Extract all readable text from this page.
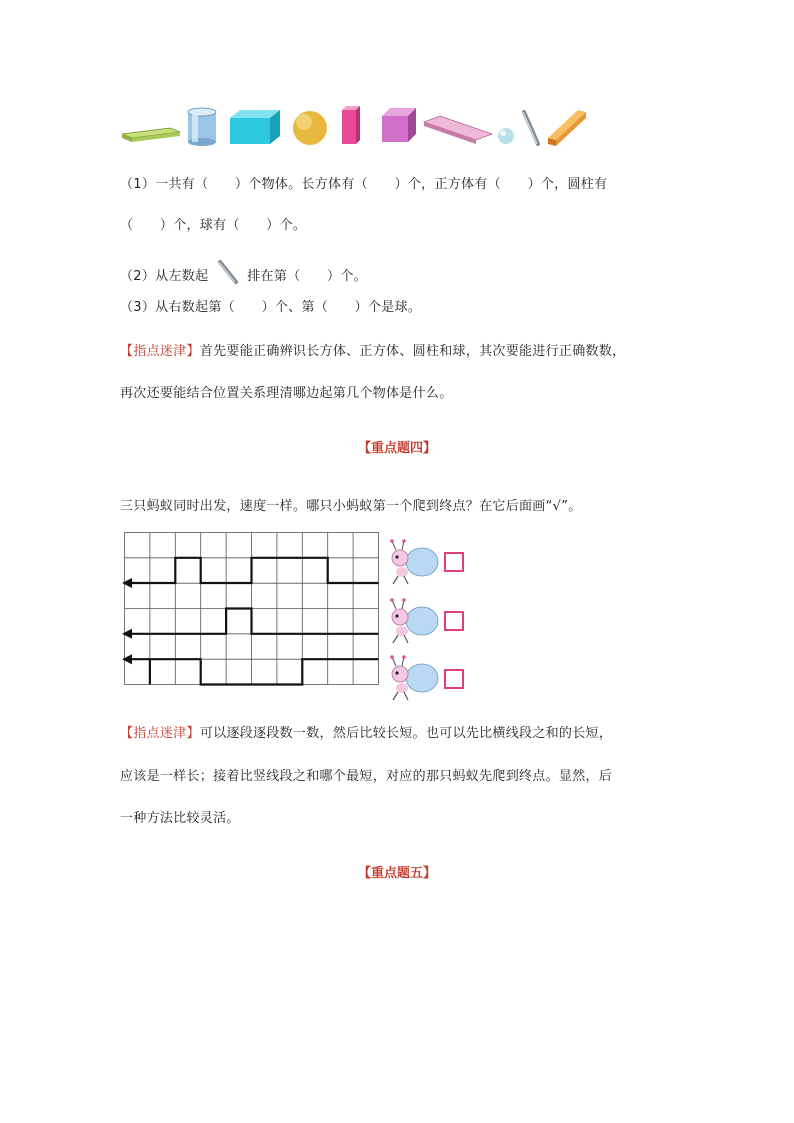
（1）一共有（　　）个物体。长方体有（　　）个，正方体有（　　）个，圆柱有
（　　）个，球有（　　）个。
（2）从左数起	排在第（　　）个。
（3）从右数起第（　　）个、第（　　）个是球。
【指点迷津】首先要能正确辨识长方体、正方体、圆柱和球，其次要能进行正确数数，
再次还要能结合位置关系理清哪边起第几个物体是什么。
【重点题四】
三只蚂蚁同时出发，速度一样。哪只小蚂蚁第一个爬到终点？在它后面画“√”。
【指点迷津】可以逐段逐段数一数，然后比较长短。也可以先比横线段之和的长短，
应该是一样长；接着比竖线段之和哪个最短，对应的那只蚂蚁先爬到终点。显然，后
一种方法比较灵活。
【重点题五】
